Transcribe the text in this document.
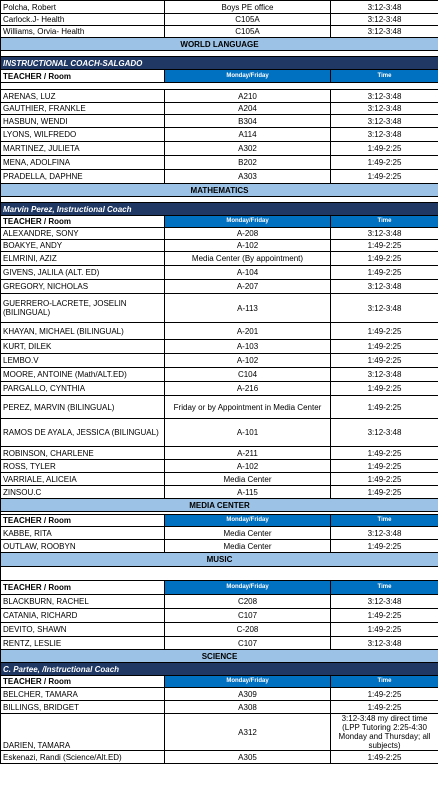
Polcha, Robert	Boys PE office	3:12-3:48
Carlock.J- Health	C105A	3:12-3:48
Williams, Orvia- Health	C105A	3:12-3:48
WORLD LANGUAGE		

INSTRUCTIONAL COACH-SALGADO		
TEACHER / Room	Monday/Friday	Time

ARENAS, LUZ	A210	3:12-3:48
GAUTHIER, FRANKLE	A204	3:12-3:48
HASBUN, WENDI	B304	3:12-3:48
LYONS, WILFREDO	A114	3:12-3:48
MARTINEZ, JULIETA	A302	1:49-2:25
MENA, ADOLFINA	B202	1:49-2:25
PRADELLA, DAPHNE	A303	1:49-2:25
MATHEMATICS		

Marvin Perez, Instructional Coach		
TEACHER / Room	Monday/Friday	Time
ALEXANDRE, SONY	A-208	3:12-3:48
BOAKYE, ANDY	A-102	1:49-2:25
ELMRINI, AZIZ	Media Center (By appointment)	1:49-2:25
GIVENS, JALILA (ALT. ED)	A-104	1:49-2:25
GREGORY, NICHOLAS	A-207	3:12-3:48
GUERRERO-LACRETE, JOSELIN (BILINGUAL)	A-113	3:12-3:48
KHAYAN, MICHAEL (BILINGUAL)	A-201	1:49-2:25
KURT, DILEK	A-103	1:49-2:25
LEMBO.V	A-102	1:49-2:25
MOORE, ANTOINE (Math/ALT.ED)	C104	3:12-3:48
PARGALLO, CYNTHIA	A-216	1:49-2:25
PEREZ, MARVIN (BILINGUAL)	Friday or by Appointment in Media Center	1:49-2:25
RAMOS DE AYALA, JESSICA (BILINGUAL)	A-101	3:12-3:48
ROBINSON, CHARLENE	A-211	1:49-2:25
ROSS, TYLER	A-102	1:49-2:25
VARRIALE, ALICEIA	Media Center	1:49-2:25
ZINSOU.C	A-115	1:49-2:25
MEDIA CENTER		

TEACHER / Room	Monday/Friday	Time
KABBE, RITA	Media Center	3:12-3:48
OUTLAW, ROOBYN	Media Center	1:49-2:25
MUSIC		

TEACHER / Room	Monday/Friday	Time
BLACKBURN, RACHEL	C208	3:12-3:48
CATANIA, RICHARD	C107	1:49-2:25
DEVITO, SHAWN	C-208	1:49-2:25
RENTZ, LESLIE	C107	3:12-3:48
SCIENCE		
C. Partee, /Instructional Coach		
TEACHER / Room	Monday/Friday	Time
BELCHER, TAMARA	A309	1:49-2:25
BILLINGS, BRIDGET	A308	1:49-2:25
DARIEN, TAMARA	A312	3:12-3:48 my direct time (LPP Tutoring 2:25-4:30 Monday and Thursday; all subjects)
Eskenazi, Randi (Science/Alt.ED)	A305	1:49-2:25
